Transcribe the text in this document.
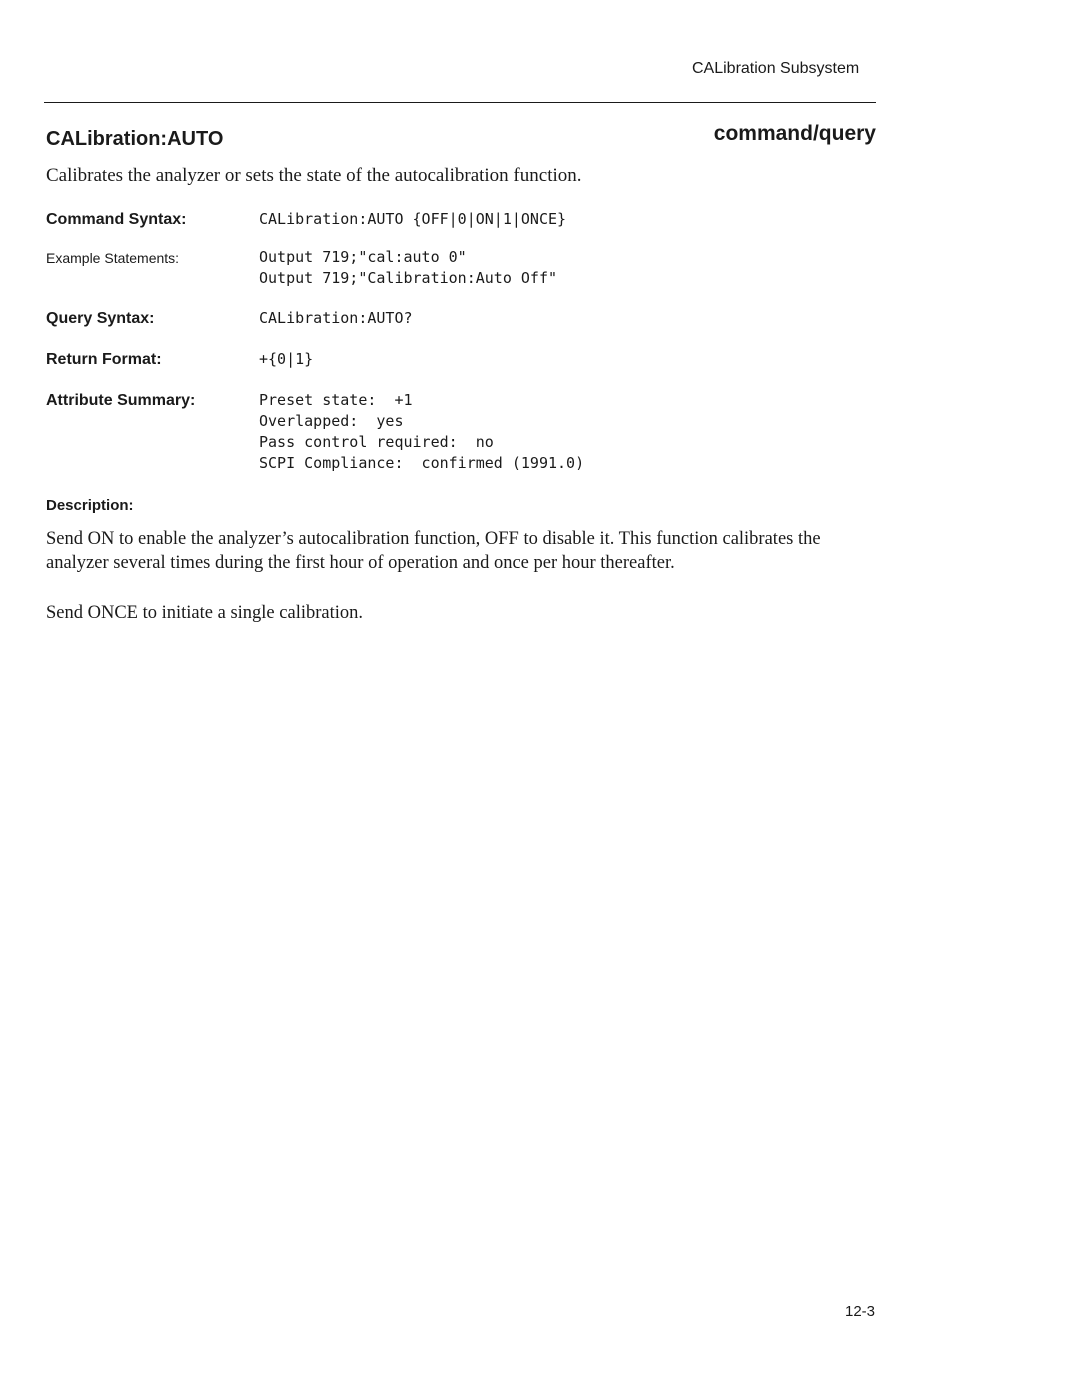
CALibration Subsystem
CALibration:AUTO	command/query
Calibrates the analyzer or sets the state of the autocalibration function.
Command Syntax:	CALibration:AUTO {OFF|0|ON|1|ONCE}
Example Statements:	Output 719;"cal:auto 0"
Output 719;"Calibration:Auto Off"
Query Syntax:	CALibration:AUTO?
Return Format:	+{0|1}
Attribute Summary:	Preset state:  +1
Overlapped:  yes
Pass control required:  no
SCPI Compliance:  confirmed (1991.0)
Description:

Send ON to enable the analyzer’s autocalibration function, OFF to disable it. This function calibrates the analyzer several times during the first hour of operation and once per hour thereafter.

Send ONCE to initiate a single calibration.

12-3
